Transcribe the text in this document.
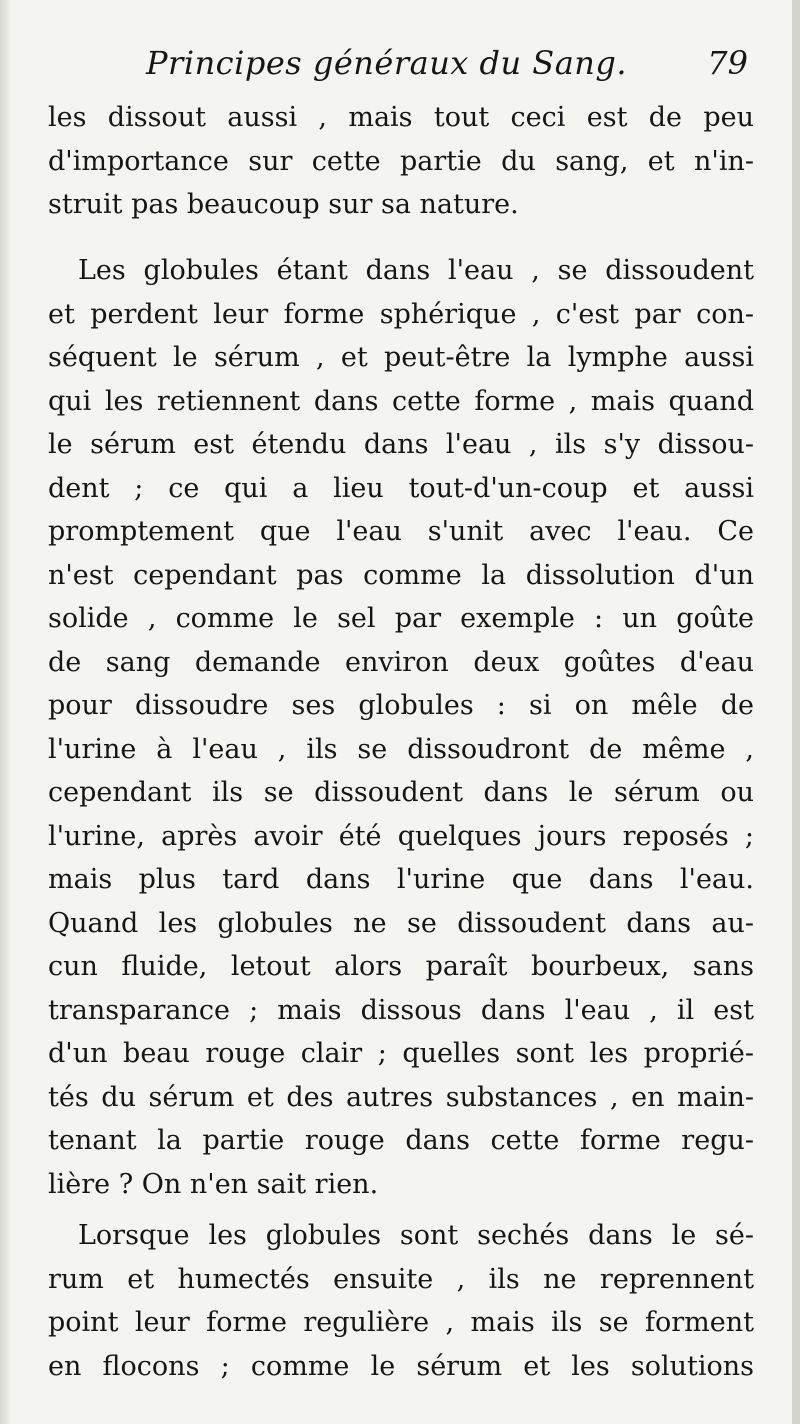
Principes généraux du Sang.	79
les dissout aussi , mais tout ceci est de peu
d'importance sur cette partie du sang, et n'in-
struit pas beaucoup sur sa nature.
Les globules étant dans l'eau , se dissoudent
et perdent leur forme sphérique , c'est par con-
séquent le sérum , et peut-être la lymphe aussi
qui les retiennent dans cette forme , mais quand
le sérum est étendu dans l'eau , ils s'y dissou-
dent ; ce qui a lieu tout-d'un-coup et aussi
promptement que l'eau s'unit avec l'eau. Ce
n'est cependant pas comme la dissolution d'un
solide , comme le sel par exemple : un goûte
de sang demande environ deux goûtes d'eau
pour dissoudre ses globules : si on mêle de
l'urine à l'eau , ils se dissoudront de même ,
cependant ils se dissoudent dans le sérum ou
l'urine, après avoir été quelques jours reposés ;
mais plus tard dans l'urine que dans l'eau.
Quand les globules ne se dissoudent dans au-
cun fluide, letout alors paraît bourbeux, sans
transparance ; mais dissous dans l'eau , il est
d'un beau rouge clair ; quelles sont les proprié-
tés du sérum et des autres substances , en main-
tenant la partie rouge dans cette forme regu-
lière ? On n'en sait rien.
Lorsque les globules sont sechés dans le sé-
rum et humectés ensuite , ils ne reprennent
point leur forme regulière , mais ils se forment
en flocons ; comme le sérum et les solutions
